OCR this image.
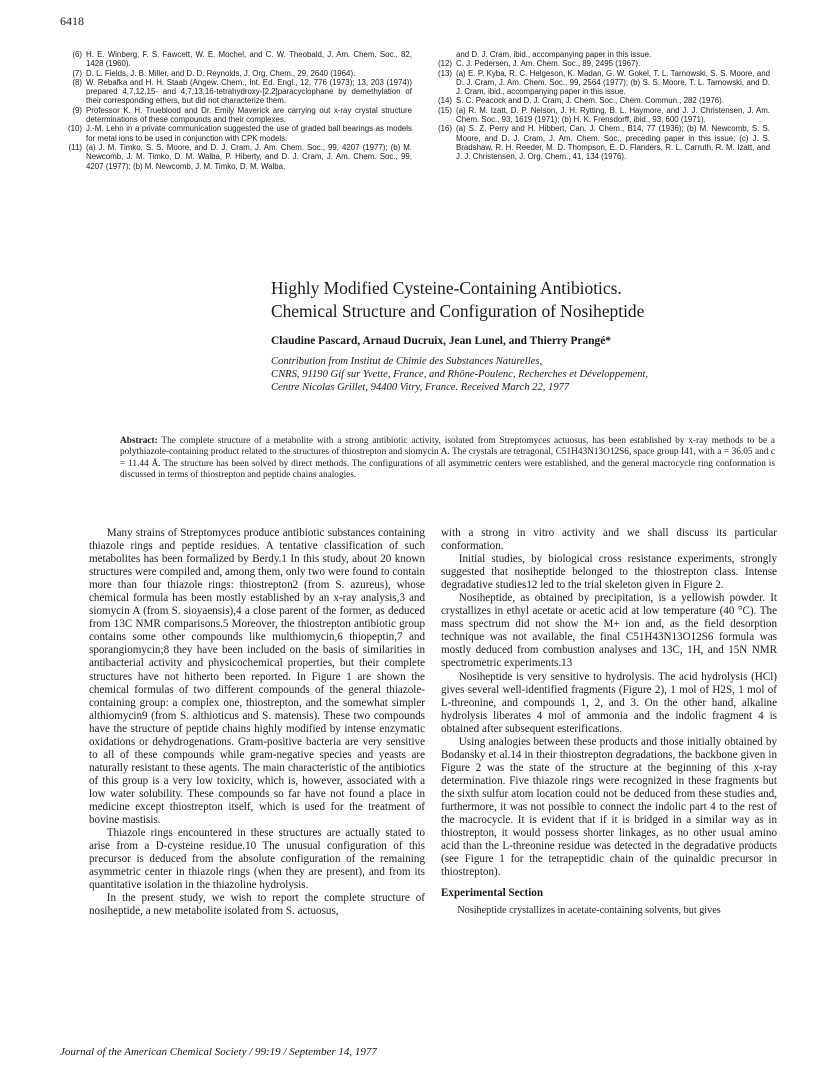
6418
(6) H. E. Winberg, F. S. Fawcett, W. E. Mochel, and C. W. Theobald, J. Am. Chem. Soc., 82, 1428 (1960).
(7) D. L. Fields, J. B. Miller, and D. D. Reynolds, J. Org. Chem., 29, 2640 (1964).
(8) W. Rebafka and H. H. Staab (Angew. Chem., Int. Ed. Engl., 12, 776 (1973); 13, 203 (1974)) prepared 4,7,12,15- and 4,7,13,16-tetrahydroxy-[2.2]paracyclophane by demethylation of their corresponding ethers, but did not characterize them.
(9) Professor K. H. Trueblood and Dr. Emily Maverick are carrying out x-ray crystal structure determinations of these compounds and their complexes.
(10) J.-M. Lehn in a private communication suggested the use of graded ball bearings as models for metal ions to be used in conjunction with CPK models.
(11) (a) J. M. Timko, S. S. Moore, and D. J. Cram, J. Am. Chem. Soc., 99, 4207 (1977); (b) M. Newcomb, J. M. Timko, D. M. Walba, P. Hiberty, and D. J. Cram, J. Am. Chem. Soc., 99, 4207 (1977); (b) M. Newcomb, J. M. Timko, D. M. Walba,
and D. J. Cram, ibid., accompanying paper in this issue.
(12) C. J. Pedersen, J. Am. Chem. Soc., 89, 2495 (1967).
(13) (a) E. P. Kyba, R. C. Helgeson, K. Madan, G. W. Gokel, T. L. Tarnowski, S. S. Moore, and D. J. Cram, J. Am. Chem. Soc., 99, 2564 (1977); (b) S. S. Moore, T. L. Tarnowski, and D. J. Cram, ibid., accompanying paper in this issue.
(14) S. C. Peacock and D. J. Cram, J. Chem. Soc., Chem. Commun., 282 (1976).
(15) (a) R. M. Izatt, D. P. Nelson, J. H. Rytting, B. L. Haymore, and J. J. Christensen, J. Am. Chem. Soc., 93, 1619 (1971); (b) H. K. Frensdorff, ibid., 93, 600 (1971).
(16) (a) S. Z. Perry and H. Hibbert, Can. J. Chem., B14, 77 (1936); (b) M. Newcomb, S. S. Moore, and D. J. Cram, J. Am. Chem. Soc., preceding paper in this issue; (c) J. S. Bradshaw, R. H. Reeder, M. D. Thompson, E. D. Flanders, R. L. Carruth, R. M. Izatt, and J. J. Christensen, J. Org. Chem., 41, 134 (1976).
Highly Modified Cysteine-Containing Antibiotics.
Chemical Structure and Configuration of Nosiheptide
Claudine Pascard, Arnaud Ducruix, Jean Lunel, and Thierry Prangé*
Contribution from Institut de Chimie des Substances Naturelles,
CNRS, 91190 Gif sur Yvette, France, and Rhône-Poulenc, Recherches et Développement,
Centre Nicolas Grillet, 94400 Vitry, France. Received March 22, 1977
Abstract: The complete structure of a metabolite with a strong antibiotic activity, isolated from Streptomyces actuosus, has been established by x-ray methods to be a polythiazole-containing product related to the structures of thiostrepton and siomycin A. The crystals are tetragonal, C51H43N13O12S6, space group I41, with a = 36.05 and c = 11.44 Å. The structure has been solved by direct methods. The configurations of all asymmetric centers were established, and the general macrocycle ring conformation is discussed in terms of thiostrepton and peptide chains analogies.

Many strains of Streptomyces produce antibiotic substances containing thiazole rings and peptide residues. A tentative classification of such metabolites has been formalized by Berdy.1 In this study, about 20 known structures were compiled and, among them, only two were found to contain more than four thiazole rings: thiostrepton2 (from S. azureus), whose chemical formula has been mostly established by an x-ray analysis,3 and siomycin A (from S. sioyaensis),4 a close parent of the former, as deduced from 13C NMR comparisons.5 Moreover, the thiostrepton antibiotic group contains some other compounds like multhiomycin,6 thiopeptin,7 and sporangiomycin;8 they have been included on the basis of similarities in antibacterial activity and physicochemical properties, but their complete structures have not hitherto been reported. In Figure 1 are shown the chemical formulas of two different compounds of the general thiazole-containing group: a complex one, thiostrepton, and the somewhat simpler althiomycin9 (from S. althioticus and S. matensis). These two compounds have the structure of peptide chains highly modified by intense enzymatic oxidations or dehydrogenations. Gram-positive bacteria are very sensitive to all of these compounds while gram-negative species and yeasts are naturally resistant to these agents. The main characteristic of the antibiotics of this group is a very low toxicity, which is, however, associated with a low water solubility. These compounds so far have not found a place in medicine except thiostrepton itself, which is used for the treatment of bovine mastisis.

Thiazole rings encountered in these structures are actually stated to arise from a D-cysteine residue.10 The unusual configuration of this precursor is deduced from the absolute configuration of the remaining asymmetric center in thiazole rings (when they are present), and from its quantitative isolation in the thiazoline hydrolysis.

In the present study, we wish to report the complete structure of nosiheptide, a new metabolite isolated from S. actuosus,

with a strong in vitro activity and we shall discuss its particular conformation.

Initial studies, by biological cross resistance experiments, strongly suggested that nosiheptide belonged to the thiostrepton class. Intense degradative studies12 led to the trial skeleton given in Figure 2.

Nosiheptide, as obtained by precipitation, is a yellowish powder. It crystallizes in ethyl acetate or acetic acid at low temperature (40 °C). The mass spectrum did not show the M+ ion and, as the field desorption technique was not available, the final C51H43N13O12S6 formula was mostly deduced from combustion analyses and 13C, 1H, and 15N NMR spectrometric experiments.13

Nosiheptide is very sensitive to hydrolysis. The acid hydrolysis (HCl) gives several well-identified fragments (Figure 2), 1 mol of H2S, 1 mol of L-threonine, and compounds 1, 2, and 3. On the other hand, alkaline hydrolysis liberates 4 mol of ammonia and the indolic fragment 4 is obtained after subsequent esterifications.

Using analogies between these products and those initially obtained by Bodansky et al.14 in their thiostrepton degradations, the backbone given in Figure 2 was the state of the structure at the beginning of this x-ray determination. Five thiazole rings were recognized in these fragments but the sixth sulfur atom location could not be deduced from these studies and, furthermore, it was not possible to connect the indolic part 4 to the rest of the macrocycle. It is evident that if it is bridged in a similar way as in thiostrepton, it would possess shorter linkages, as no other usual amino acid than the L-threonine residue was detected in the degradative products (see Figure 1 for the tetrapeptidic chain of the quinaldic precursor in thiostrepton).

Experimental Section

Nosiheptide crystallizes in acetate-containing solvents, but gives

Journal of the American Chemical Society / 99:19 / September 14, 1977
